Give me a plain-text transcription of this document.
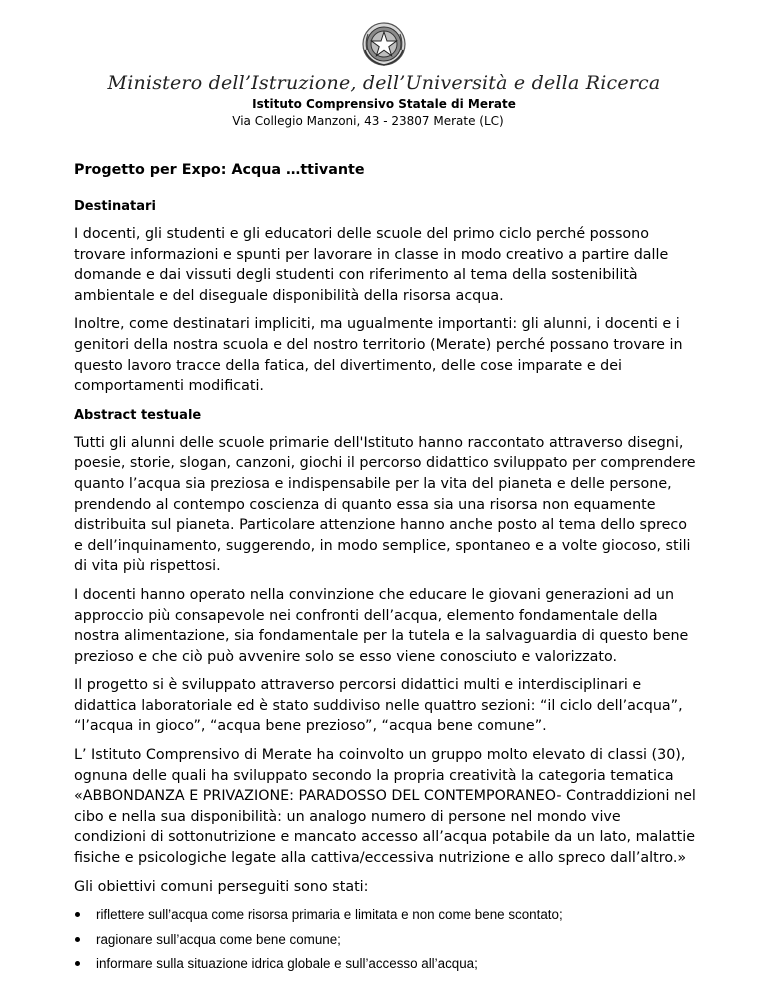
Ministero dell’Istruzione, dell’Università e della Ricerca
Istituto Comprensivo Statale di Merate
Via Collegio Manzoni, 43 - 23807 Merate (LC)
Progetto per Expo: Acqua …ttivante
Destinatari

I docenti, gli studenti e gli educatori delle scuole del primo ciclo perché possono trovare informazioni e spunti per lavorare in classe in modo creativo a partire dalle domande e dai vissuti degli studenti con riferimento al tema della sostenibilità ambientale e del diseguale disponibilità della risorsa acqua.

Inoltre, come destinatari impliciti, ma ugualmente importanti: gli alunni, i docenti e i genitori della nostra scuola e del nostro territorio (Merate) perché possano trovare in questo lavoro tracce della fatica, del divertimento, delle cose imparate e dei comportamenti modificati.

Abstract testuale

Tutti gli alunni delle scuole primarie dell'Istituto hanno raccontato attraverso disegni, poesie, storie, slogan, canzoni, giochi il percorso didattico sviluppato per comprendere quanto l’acqua sia preziosa e indispensabile per la vita del pianeta e delle persone, prendendo al contempo coscienza di quanto essa sia una risorsa non equamente distribuita sul pianeta. Particolare attenzione hanno anche posto al tema dello spreco e dell’inquinamento, suggerendo, in modo semplice, spontaneo e a volte giocoso, stili di vita più rispettosi.

I docenti hanno operato nella convinzione che educare le giovani generazioni ad un approccio più consapevole nei confronti dell’acqua, elemento fondamentale della nostra alimentazione, sia fondamentale per la tutela e la salvaguardia di questo bene prezioso e che ciò può avvenire solo se esso viene conosciuto e valorizzato.

Il progetto si è sviluppato attraverso percorsi didattici multi e interdisciplinari e didattica laboratoriale ed è stato suddiviso nelle quattro sezioni: “il ciclo dell’acqua”, “l’acqua in gioco”, “acqua bene prezioso”, “acqua bene comune”.

L’ Istituto Comprensivo di Merate ha coinvolto un gruppo molto elevato di classi (30), ognuna delle quali ha sviluppato secondo la propria creatività la categoria tematica «ABBONDANZA E PRIVAZIONE: PARADOSSO DEL CONTEMPORANEO- Contraddizioni nel cibo e nella sua disponibilità: un analogo numero di persone nel mondo vive condizioni di sottonutrizione e mancato accesso all’acqua potabile da un lato, malattie fisiche e psicologiche legate alla cattiva/eccessiva nutrizione e allo spreco dall’altro.»

Gli obiettivi comuni perseguiti sono stati:

riflettere sull’acqua come risorsa primaria e limitata e non come bene scontato;
ragionare sull’acqua come bene comune;
informare sulla situazione idrica globale e sull’accesso all’acqua;
